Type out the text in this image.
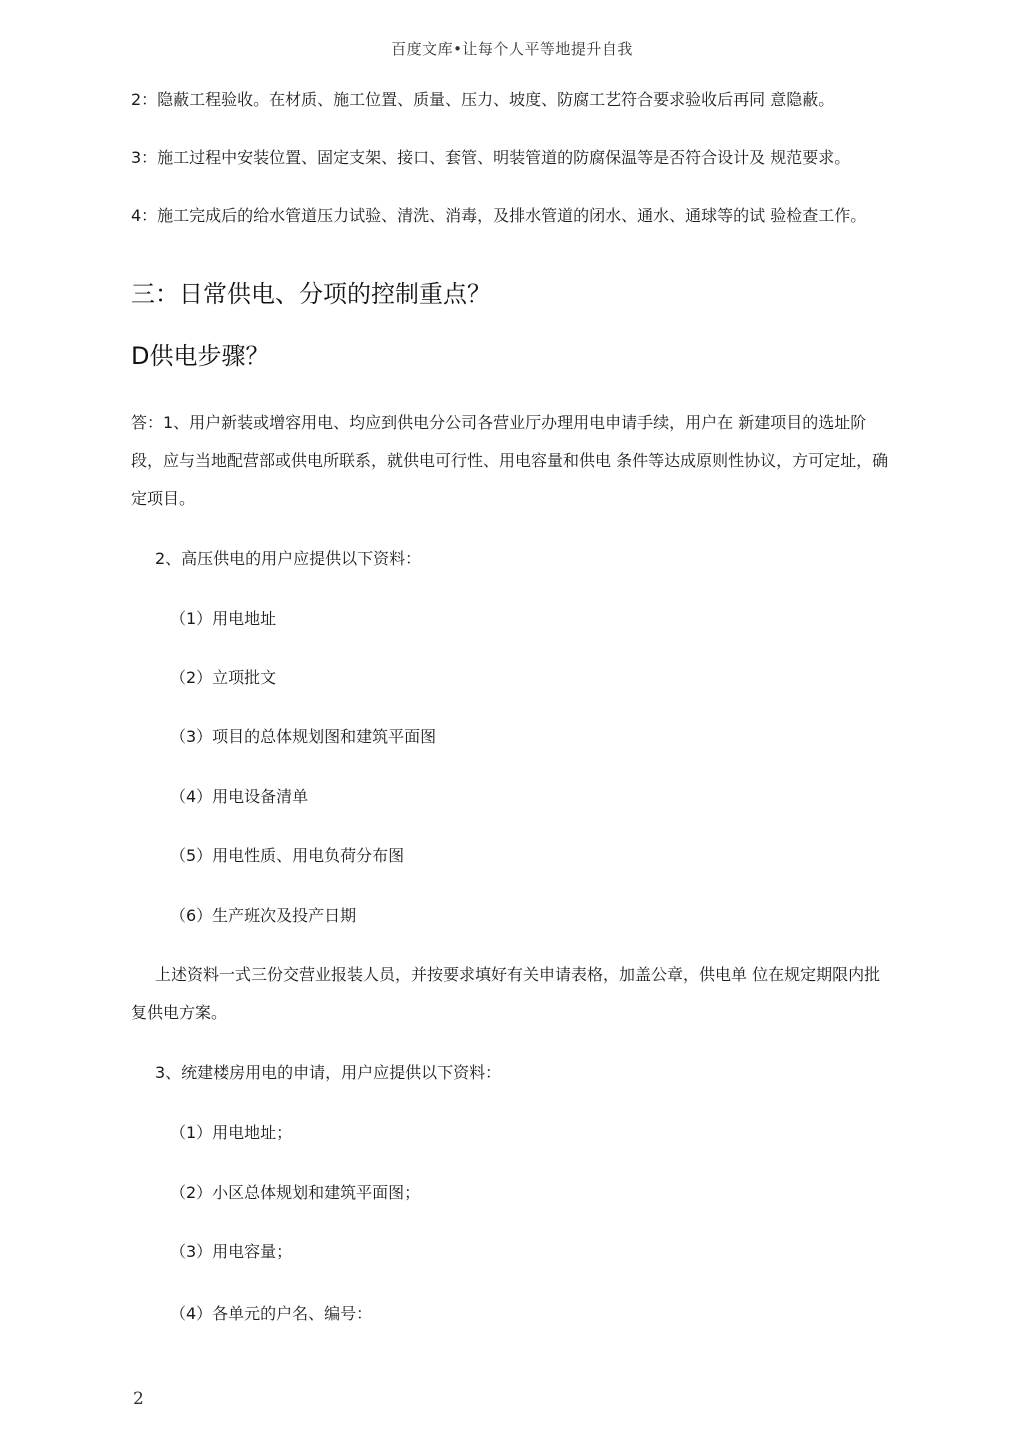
百度文库•让每个人平等地提升自我

2：隐蔽工程验收。在材质、施工位置、质量、压力、坡度、防腐工艺符合要求验收后再同 意隐蔽。

3：施工过程中安装位置、固定支架、接口、套管、明装管道的防腐保温等是否符合设计及 规范要求。

4：施工完成后的给水管道压力试验、清洗、消毒，及排水管道的闭水、通水、通球等的试 验检查工作。

三：日常供电、分项的控制重点？
D供电步骤？

答：1、用户新装或增容用电、均应到供电分公司各营业厅办理用电申请手续，用户在 新建项目的选址阶段，应与当地配营部或供电所联系，就供电可行性、用电容量和供电 条件等达成原则性协议，方可定址，确定项目。

2、高压供电的用户应提供以下资料：

（1）用电地址

（2）立项批文

（3）项目的总体规划图和建筑平面图

（4）用电设备清单

（5）用电性质、用电负荷分布图

（6）生产班次及投产日期

上述资料一式三份交营业报装人员，并按要求填好有关申请表格，加盖公章，供电单 位在规定期限内批复供电方案。

3、统建楼房用电的申请，用户应提供以下资料：

（1）用电地址；

（2）小区总体规划和建筑平面图；

（3）用电容量；

（4）各单元的户名、编号：

2
